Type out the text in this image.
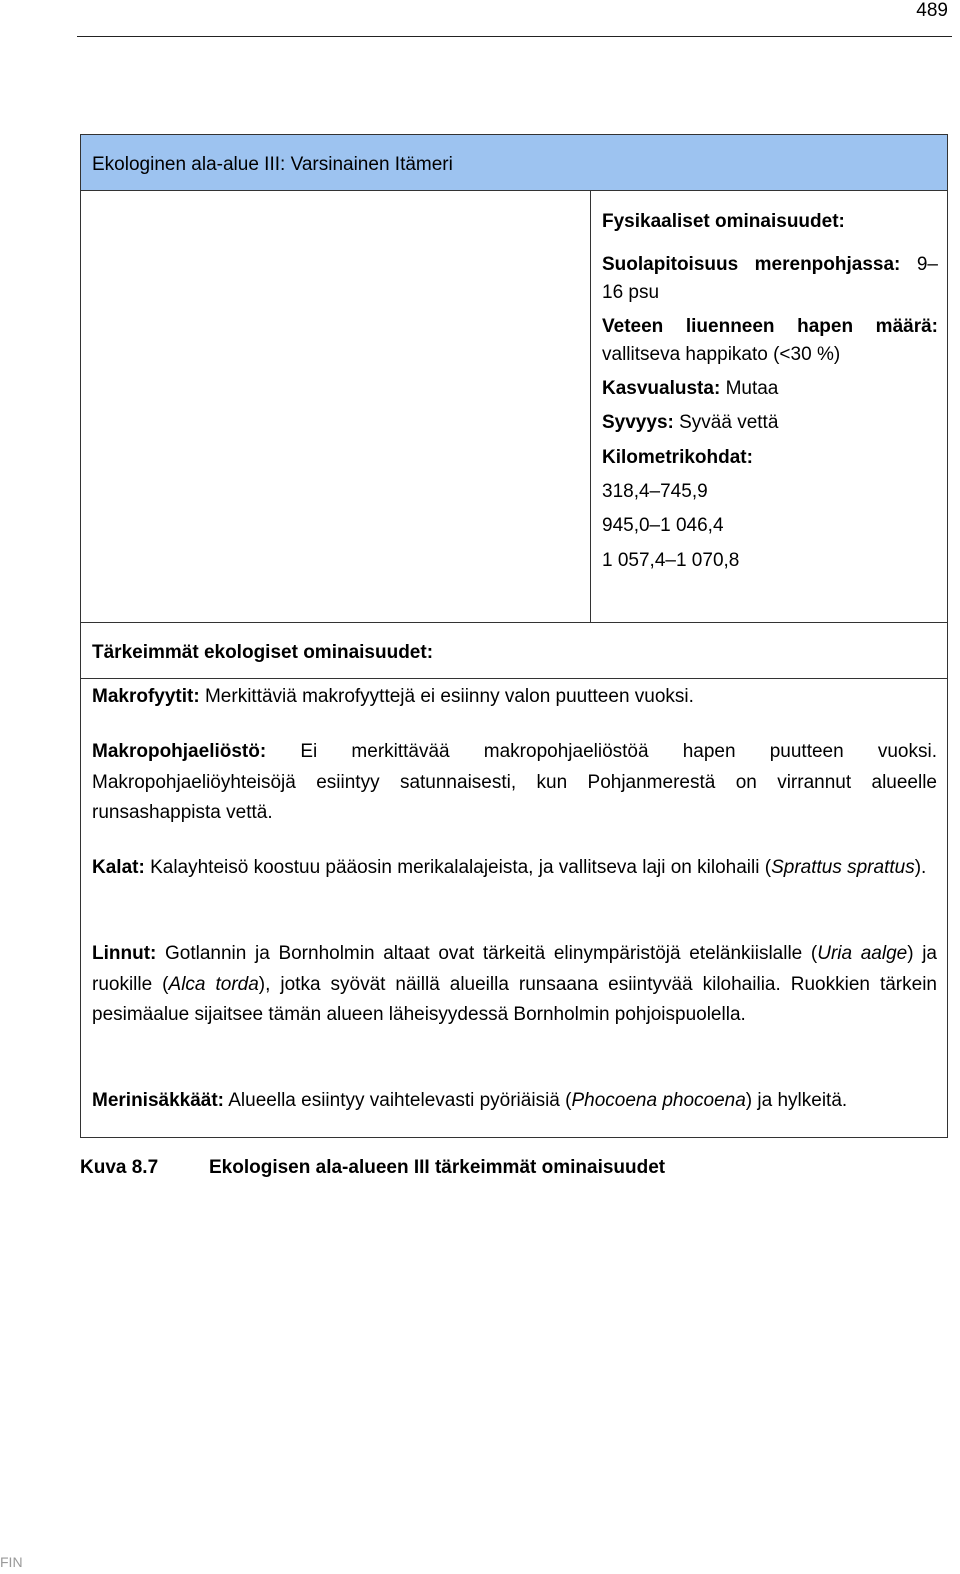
489
Ekologinen ala-alue III: Varsinainen Itämeri
Fysikaaliset ominaisuudet:
Suolapitoisuus merenpohjassa: 9–
16 psu
Veteen liuenneen hapen määrä:
vallitseva happikato (<30 %)
Kasvualusta: Mutaa
Syvyys: Syvää vettä
Kilometrikohdat:
318,4–745,9
945,0–1 046,4
1 057,4–1 070,8
Tärkeimmät ekologiset ominaisuudet:
Makrofyytit: Merkittäviä makrofyyttejä ei esiinny valon puutteen vuoksi.
Makropohjaeliöstö: Ei merkittävää makropohjaeliöstöä hapen puutteen vuoksi. Makropohjaeliöyhteisöjä esiintyy satunnaisesti, kun Pohjanmerestä on virrannut alueelle runsashappista vettä.
Kalat: Kalayhteisö koostuu pääosin merikalalajeista, ja vallitseva laji on kilohaili (Sprattus sprattus).
Linnut: Gotlannin ja Bornholmin altaat ovat tärkeitä elinympäristöjä etelänkiislalle (Uria aalge) ja ruokille (Alca torda), jotka syövät näillä alueilla runsaana esiintyvää kilohailia. Ruokkien tärkein pesimäalue sijaitsee tämän alueen läheisyydessä Bornholmin pohjoispuolella.
Merinisäkkäät: Alueella esiintyy vaihtelevasti pyöriäisiä (Phocoena phocoena) ja hylkeitä.
Kuva 8.7	Ekologisen ala-alueen III tärkeimmät ominaisuudet
FIN
